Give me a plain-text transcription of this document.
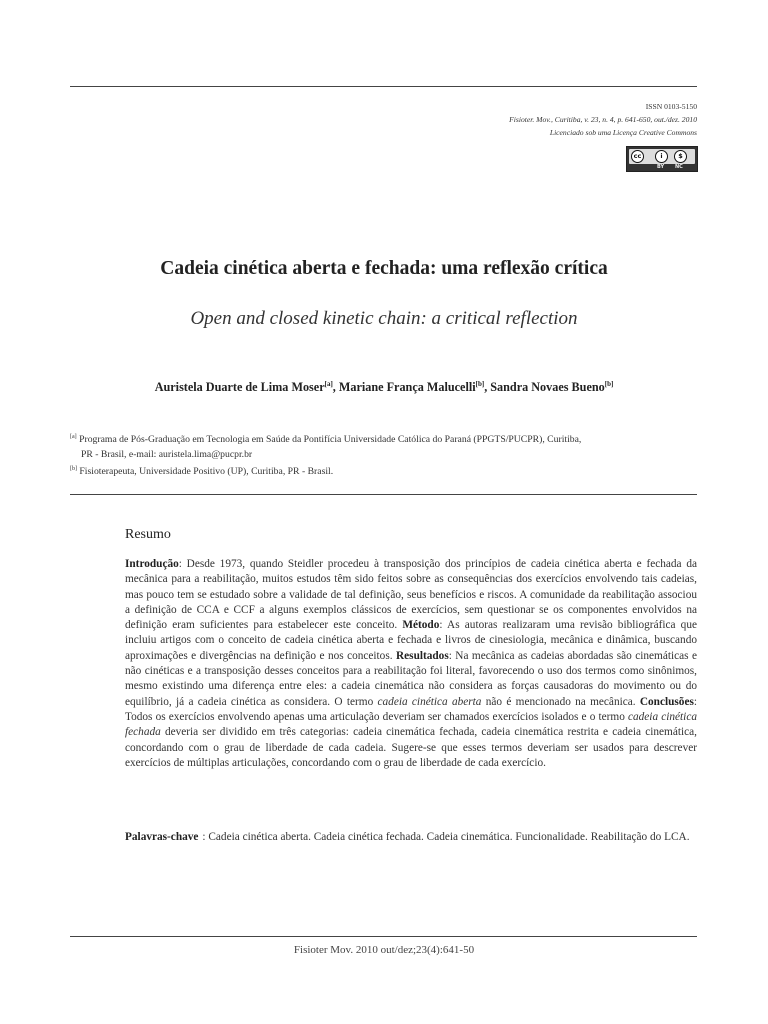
ISSN 0103-5150
Fisioter. Mov., Curitiba, v. 23, n. 4, p. 641-650, out./dez. 2010
Licenciado sob uma Licença Creative Commons
cc	i	$
BY NC
Cadeia cinética aberta e fechada: uma reflexão crítica
Open and closed kinetic chain: a critical reflection
Auristela Duarte de Lima Moser[a], Mariane França Malucelli[b], Sandra Novaes Bueno[b]

[a] Programa de Pós-Graduação em Tecnologia em Saúde da Pontifícia Universidade Católica do Paraná (PPGTS/PUCPR), Curitiba,

PR - Brasil, e-mail: auristela.lima@pucpr.br

[b] Fisioterapeuta, Universidade Positivo (UP), Curitiba, PR - Brasil.

Resumo
Introdução: Desde 1973, quando Steidler procedeu à transposição dos princípios de cadeia cinética aberta e fechada da mecânica para a reabilitação, muitos estudos têm sido feitos sobre as consequências dos exercícios envolvendo tais cadeias, mas pouco tem se estudado sobre a validade de tal definição, seus benefícios e riscos. A comunidade da reabilitação associou a definição de CCA e CCF a alguns exemplos clássicos de exercícios, sem questionar se os componentes envolvidos na definição eram suficientes para estabelecer este conceito. Método: As autoras realizaram uma revisão bibliográfica que incluiu artigos com o conceito de cadeia cinética aberta e fechada e livros de cinesiologia, mecânica e dinâmica, buscando aproximações e divergências na definição e nos conceitos. Resultados: Na mecânica as cadeias abordadas são cinemáticas e não cinéticas e a transposição desses conceitos para a reabilitação foi literal, favorecendo o uso dos termos como sinônimos, mesmo existindo uma diferença entre eles: a cadeia cinemática não considera as forças causadoras do movimento ou do equilíbrio, já a cadeia cinética as considera. O termo cadeia cinética aberta não é mencionado na mecânica. Conclusões: Todos os exercícios envolvendo apenas uma articulação deveriam ser chamados exercícios isolados e o termo cadeia cinética fechada deveria ser dividido em três categorias: cadeia cinemática fechada, cadeia cinemática restrita e cadeia cinemática, concordando com o grau de liberdade de cada cadeia. Sugere-se que esses termos deveriam ser usados para descrever exercícios de múltiplas articulações, concordando com o grau de liberdade de cada exercício.
Palavras-chave : Cadeia cinética aberta. Cadeia cinética fechada. Cadeia cinemática. Funcionalidade. Reabilitação do LCA.
Fisioter Mov. 2010 out/dez;23(4):641-50
